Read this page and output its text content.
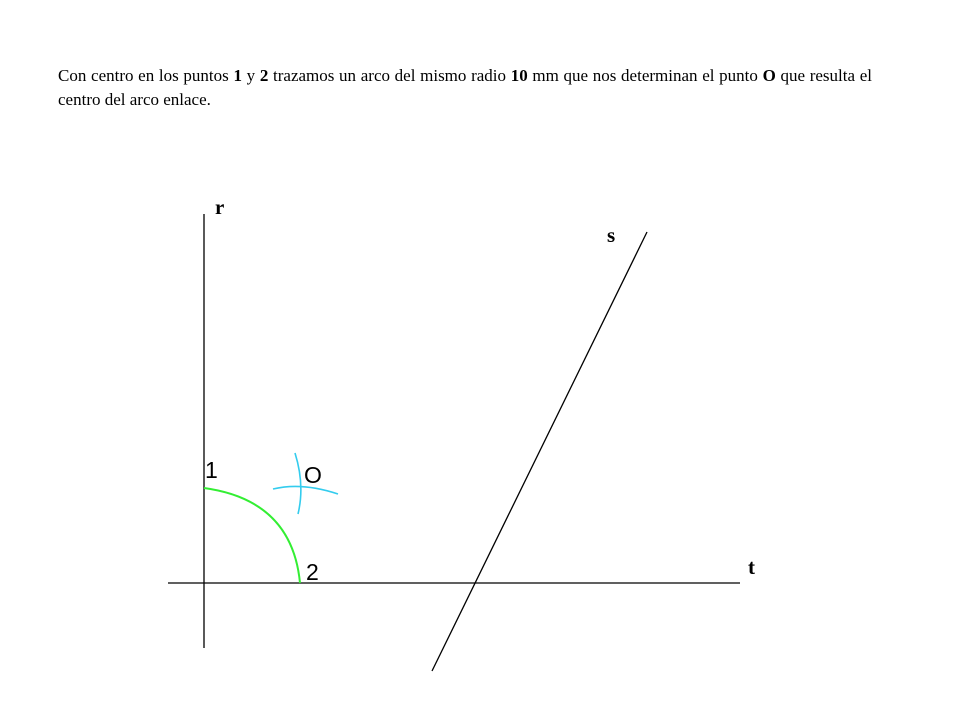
Con centro en los puntos 1 y 2 trazamos un arco del mismo radio 10 mm que nos determinan el punto O que resulta el centro del arco enlace.

r
s
t
1
2
O
